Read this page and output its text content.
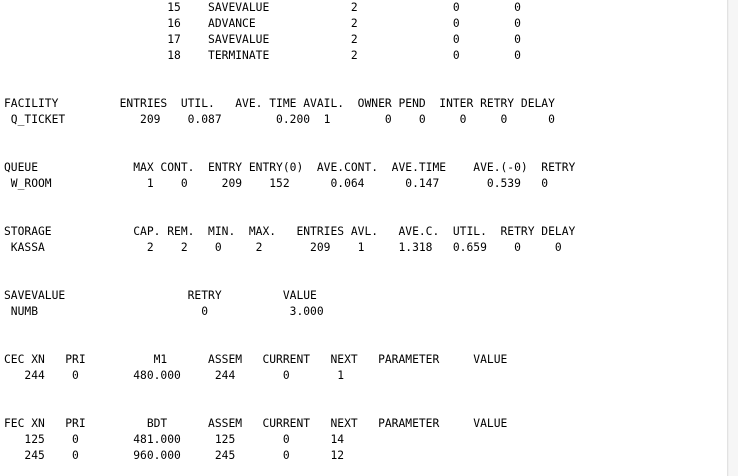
15    SAVEVALUE            2              0        0
16    ADVANCE              2              0        0
17    SAVEVALUE            2              0        0
18    TERMINATE            2              0        0
FACILITY         ENTRIES  UTIL.   AVE. TIME AVAIL.  OWNER PEND  INTER RETRY DELAY
Q_TICKET           209    0.087        0.200  1        0    0     0     0      0
QUEUE              MAX CONT.  ENTRY ENTRY(0)  AVE.CONT.  AVE.TIME    AVE.(-0)  RETRY
W_ROOM              1    0     209    152      0.064      0.147       0.539   0
STORAGE            CAP. REM.  MIN.  MAX.   ENTRIES AVL.   AVE.C.  UTIL.  RETRY DELAY
KASSA               2    2    0     2       209    1     1.318   0.659    0     0
SAVEVALUE                  RETRY         VALUE
NUMB                        0            3.000
CEC XN   PRI          M1      ASSEM   CURRENT   NEXT   PARAMETER     VALUE
244    0        480.000     244       0       1
FEC XN   PRI         BDT      ASSEM   CURRENT   NEXT   PARAMETER     VALUE
125    0        481.000     125       0      14
245    0        960.000     245       0      12
